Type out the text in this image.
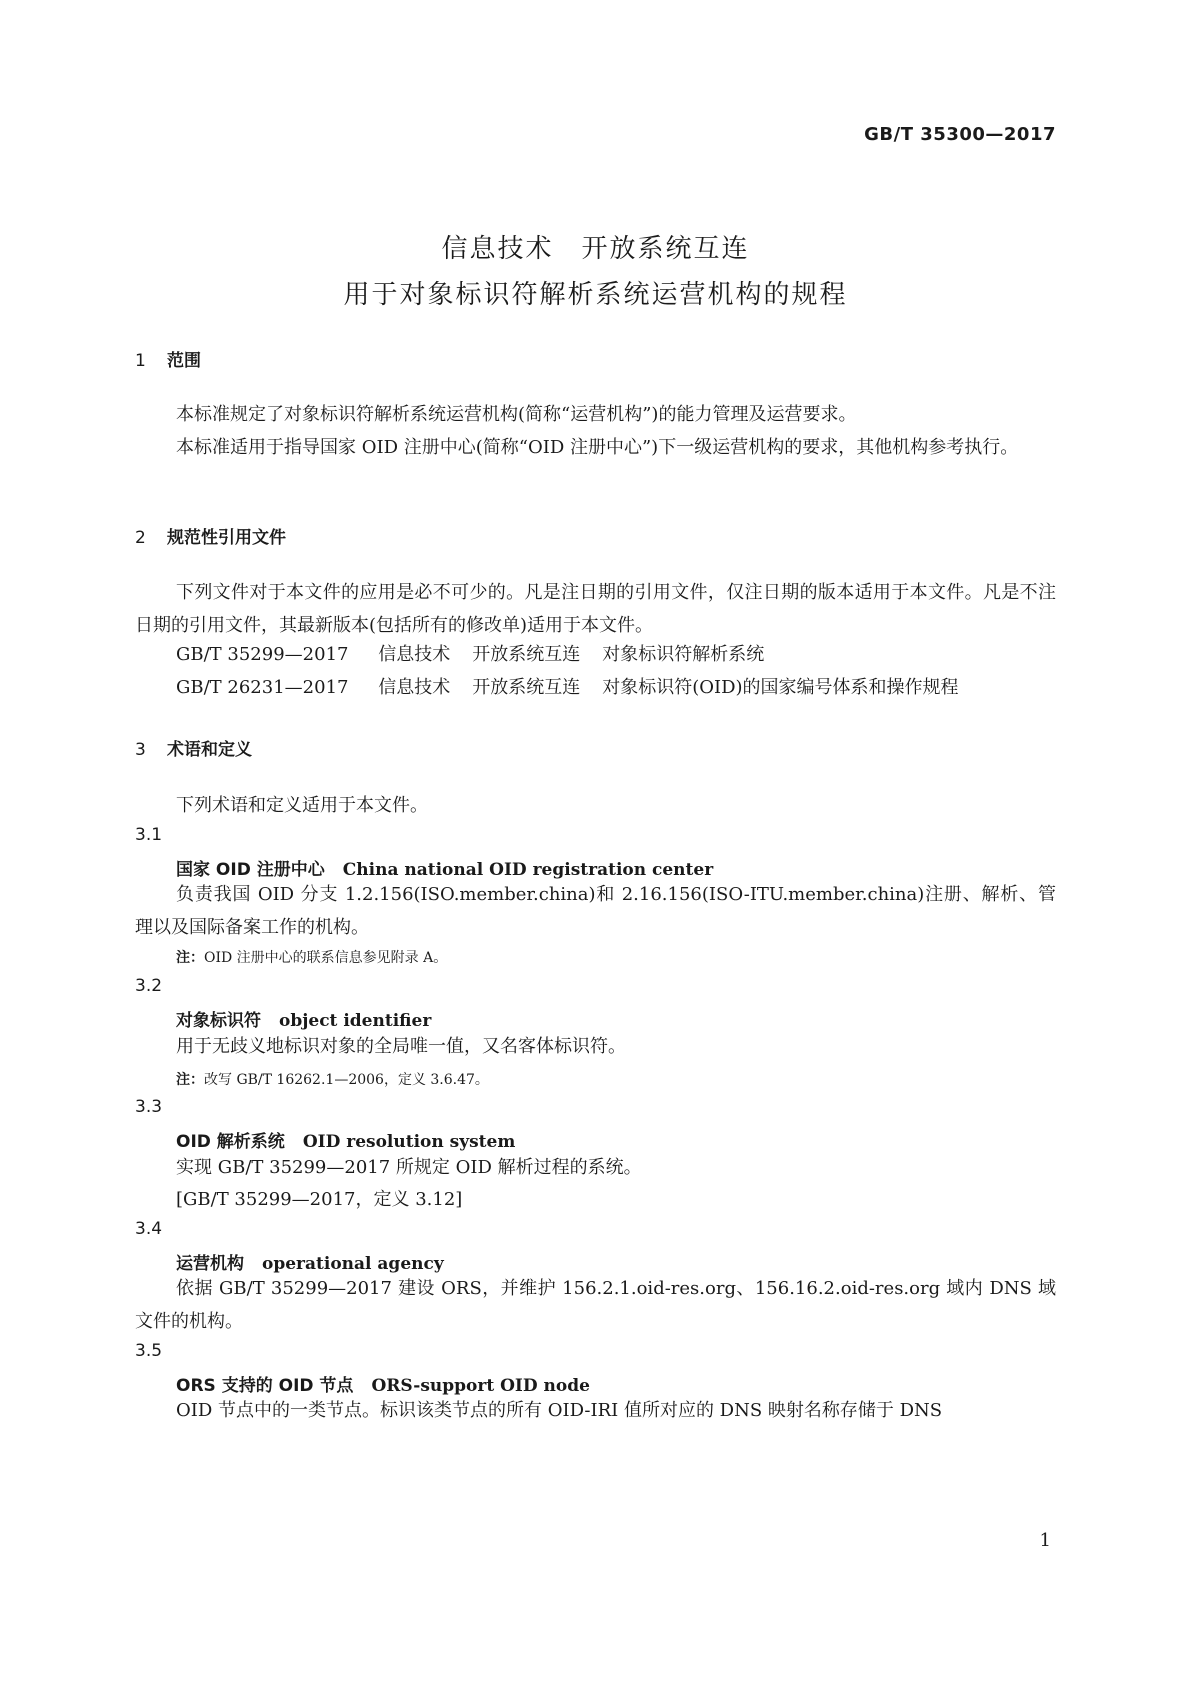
GB/T 35300—2017
信息技术　开放系统互连
用于对象标识符解析系统运营机构的规程
1 范围
本标准规定了对象标识符解析系统运营机构(简称“运营机构”)的能力管理及运营要求。
本标准适用于指导国家 OID 注册中心(简称“OID 注册中心”)下一级运营机构的要求，其他机构参考执行。
2 规范性引用文件
下列文件对于本文件的应用是必不可少的。凡是注日期的引用文件，仅注日期的版本适用于本文件。凡是不注日期的引用文件，其最新版本(包括所有的修改单)适用于本文件。
GB/T 35299—2017 信息技术 开放系统互连 对象标识符解析系统
GB/T 26231—2017 信息技术 开放系统互连 对象标识符(OID)的国家编号体系和操作规程
3 术语和定义
下列术语和定义适用于本文件。
3.1
国家 OID 注册中心 China national OID registration center
负责我国 OID 分支 1.2.156(ISO.member.china)和 2.16.156(ISO-ITU.member.china)注册、解析、管理以及国际备案工作的机构。
注：OID 注册中心的联系信息参见附录 A。
3.2
对象标识符 object identifier
用于无歧义地标识对象的全局唯一值，又名客体标识符。
注：改写 GB/T 16262.1—2006，定义 3.6.47。
3.3
OID 解析系统 OID resolution system
实现 GB/T 35299—2017 所规定 OID 解析过程的系统。
[GB/T 35299—2017，定义 3.12]
3.4
运营机构 operational agency
依据 GB/T 35299—2017 建设 ORS，并维护 156.2.1.oid-res.org、156.16.2.oid-res.org 域内 DNS 域文件的机构。
3.5
ORS 支持的 OID 节点 ORS-support OID node
OID 节点中的一类节点。标识该类节点的所有 OID-IRI 值所对应的 DNS 映射名称存储于 DNS
1
